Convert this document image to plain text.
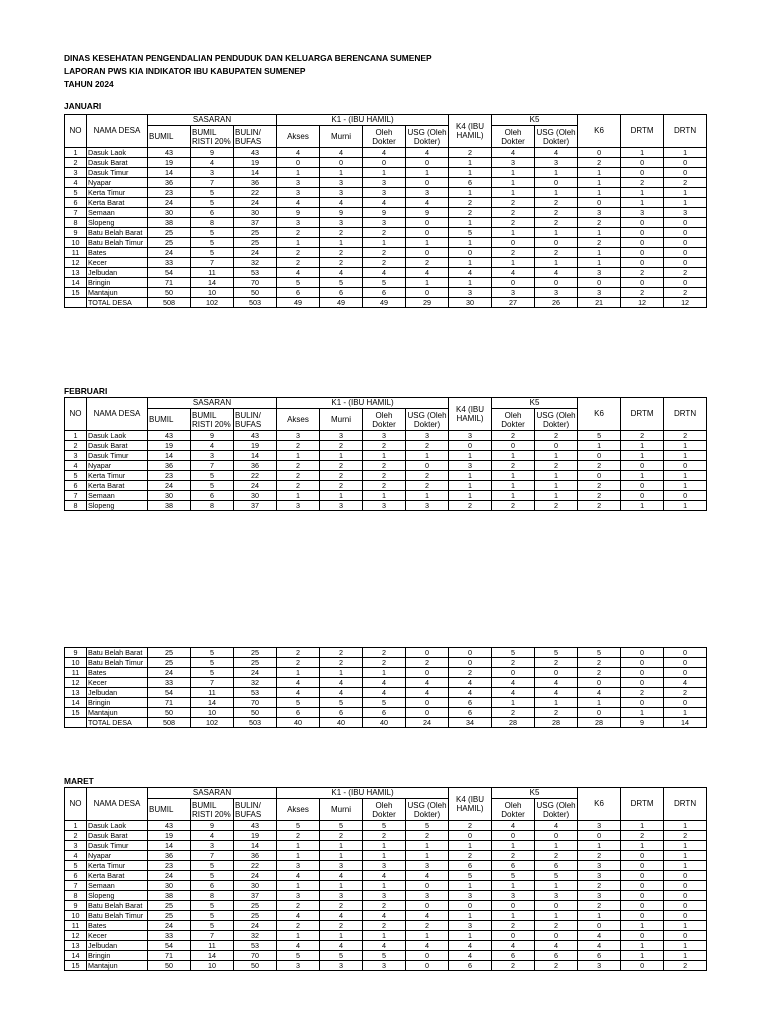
DINAS KESEHATAN PENGENDALIAN PENDUDUK DAN KELUARGA BERENCANA SUMENEP
LAPORAN PWS KIA INDIKATOR IBU KABUPATEN SUMENEP
TAHUN 2024
JANUARI
NO	NAMA DESA	SASARAN			K1 - (IBU HAMIL)				K4 (IBU HAMIL)	K5		K6	DRTM	DRTN
		BUMIL	BUMIL RISTI 20%	BULIN/ BUFAS	Akses	Murni	Oleh Dokter	USG (Oleh Dokter)		Oleh Dokter	USG (Oleh Dokter)			
1	Dasuk Laok	43	9	43	4	4	4	4	2	4	4	0	1	1
2	Dasuk Barat	19	4	19	0	0	0	0	1	3	3	2	0	0
3	Dasuk Timur	14	3	14	1	1	1	1	1	1	1	1	0	0
4	Nyapar	36	7	36	3	3	3	0	6	1	0	1	2	2
5	Kerta Timur	23	5	22	3	3	3	3	1	1	1	1	1	1
6	Kerta Barat	24	5	24	4	4	4	4	2	2	2	0	1	1
7	Semaan	30	6	30	9	9	9	9	2	2	2	3	3	3
8	Slopeng	38	8	37	3	3	3	0	1	2	2	2	0	0
9	Batu Belah Barat	25	5	25	2	2	2	0	5	1	1	1	0	0
10	Batu Belah Timur	25	5	25	1	1	1	1	1	0	0	2	0	0
11	Bates	24	5	24	2	2	2	0	0	2	2	1	0	0
12	Kecer	33	7	32	2	2	2	2	1	1	1	1	0	0
13	Jelbudan	54	11	53	4	4	4	4	4	4	4	3	2	2
14	Bringin	71	14	70	5	5	5	1	1	0	0	0	0	0
15	Mantajun	50	10	50	6	6	6	0	3	3	3	3	2	2
	TOTAL DESA	508	102	503	49	49	49	29	30	27	26	21	12	12
FEBRUARI
NO	NAMA DESA	SASARAN			K1 - (IBU HAMIL)				K4 (IBU HAMIL)	K5		K6	DRTM	DRTN
		BUMIL	BUMIL RISTI 20%	BULIN/ BUFAS	Akses	Murni	Oleh Dokter	USG (Oleh Dokter)		Oleh Dokter	USG (Oleh Dokter)			
1	Dasuk Laok	43	9	43	3	3	3	3	3	2	2	5	2	2
2	Dasuk Barat	19	4	19	2	2	2	2	0	0	0	1	1	1
3	Dasuk Timur	14	3	14	1	1	1	1	1	1	1	0	1	1
4	Nyapar	36	7	36	2	2	2	0	3	2	2	2	0	0
5	Kerta Timur	23	5	22	2	2	2	2	1	1	1	0	1	1
6	Kerta Barat	24	5	24	2	2	2	2	1	1	1	2	0	1
7	Semaan	30	6	30	1	1	1	1	1	1	1	2	0	0
8	Slopeng	38	8	37	3	3	3	3	2	2	2	2	1	1
9	Batu Belah Barat	25	5	25	2	2	2	0	0	5	5	5	0	0
10	Batu Belah Timur	25	5	25	2	2	2	2	0	2	2	2	0	0
11	Bates	24	5	24	1	1	1	0	2	0	0	2	0	0
12	Kecer	33	7	32	4	4	4	4	4	4	4	0	0	4
13	Jelbudan	54	11	53	4	4	4	4	4	4	4	4	2	2
14	Bringin	71	14	70	5	5	5	0	6	1	1	1	0	0
15	Mantajun	50	10	50	6	6	6	0	6	2	2	0	1	1
	TOTAL DESA	508	102	503	40	40	40	24	34	28	28	28	9	14
MARET
NO	NAMA DESA	SASARAN			K1 - (IBU HAMIL)				K4 (IBU HAMIL)	K5		K6	DRTM	DRTN
		BUMIL	BUMIL RISTI 20%	BULIN/ BUFAS	Akses	Murni	Oleh Dokter	USG (Oleh Dokter)		Oleh Dokter	USG (Oleh Dokter)			
1	Dasuk Laok	43	9	43	5	5	5	5	2	4	4	3	1	1
2	Dasuk Barat	19	4	19	2	2	2	2	0	0	0	0	2	2
3	Dasuk Timur	14	3	14	1	1	1	1	1	1	1	1	1	1
4	Nyapar	36	7	36	1	1	1	1	2	2	2	2	0	1
5	Kerta Timur	23	5	22	3	3	3	3	6	6	6	3	0	1
6	Kerta Barat	24	5	24	4	4	4	4	5	5	5	3	0	0
7	Semaan	30	6	30	1	1	1	0	1	1	1	2	0	0
8	Slopeng	38	8	37	3	3	3	3	3	3	3	3	0	0
9	Batu Belah Barat	25	5	25	2	2	2	0	0	0	0	2	0	0
10	Batu Belah Timur	25	5	25	4	4	4	4	1	1	1	1	0	0
11	Bates	24	5	24	2	2	2	2	3	2	2	0	1	1
12	Kecer	33	7	32	1	1	1	1	1	0	0	4	0	0
13	Jelbudan	54	11	53	4	4	4	4	4	4	4	4	1	1
14	Bringin	71	14	70	5	5	5	0	4	6	6	6	1	1
15	Mantajun	50	10	50	3	3	3	0	6	2	2	3	0	2
